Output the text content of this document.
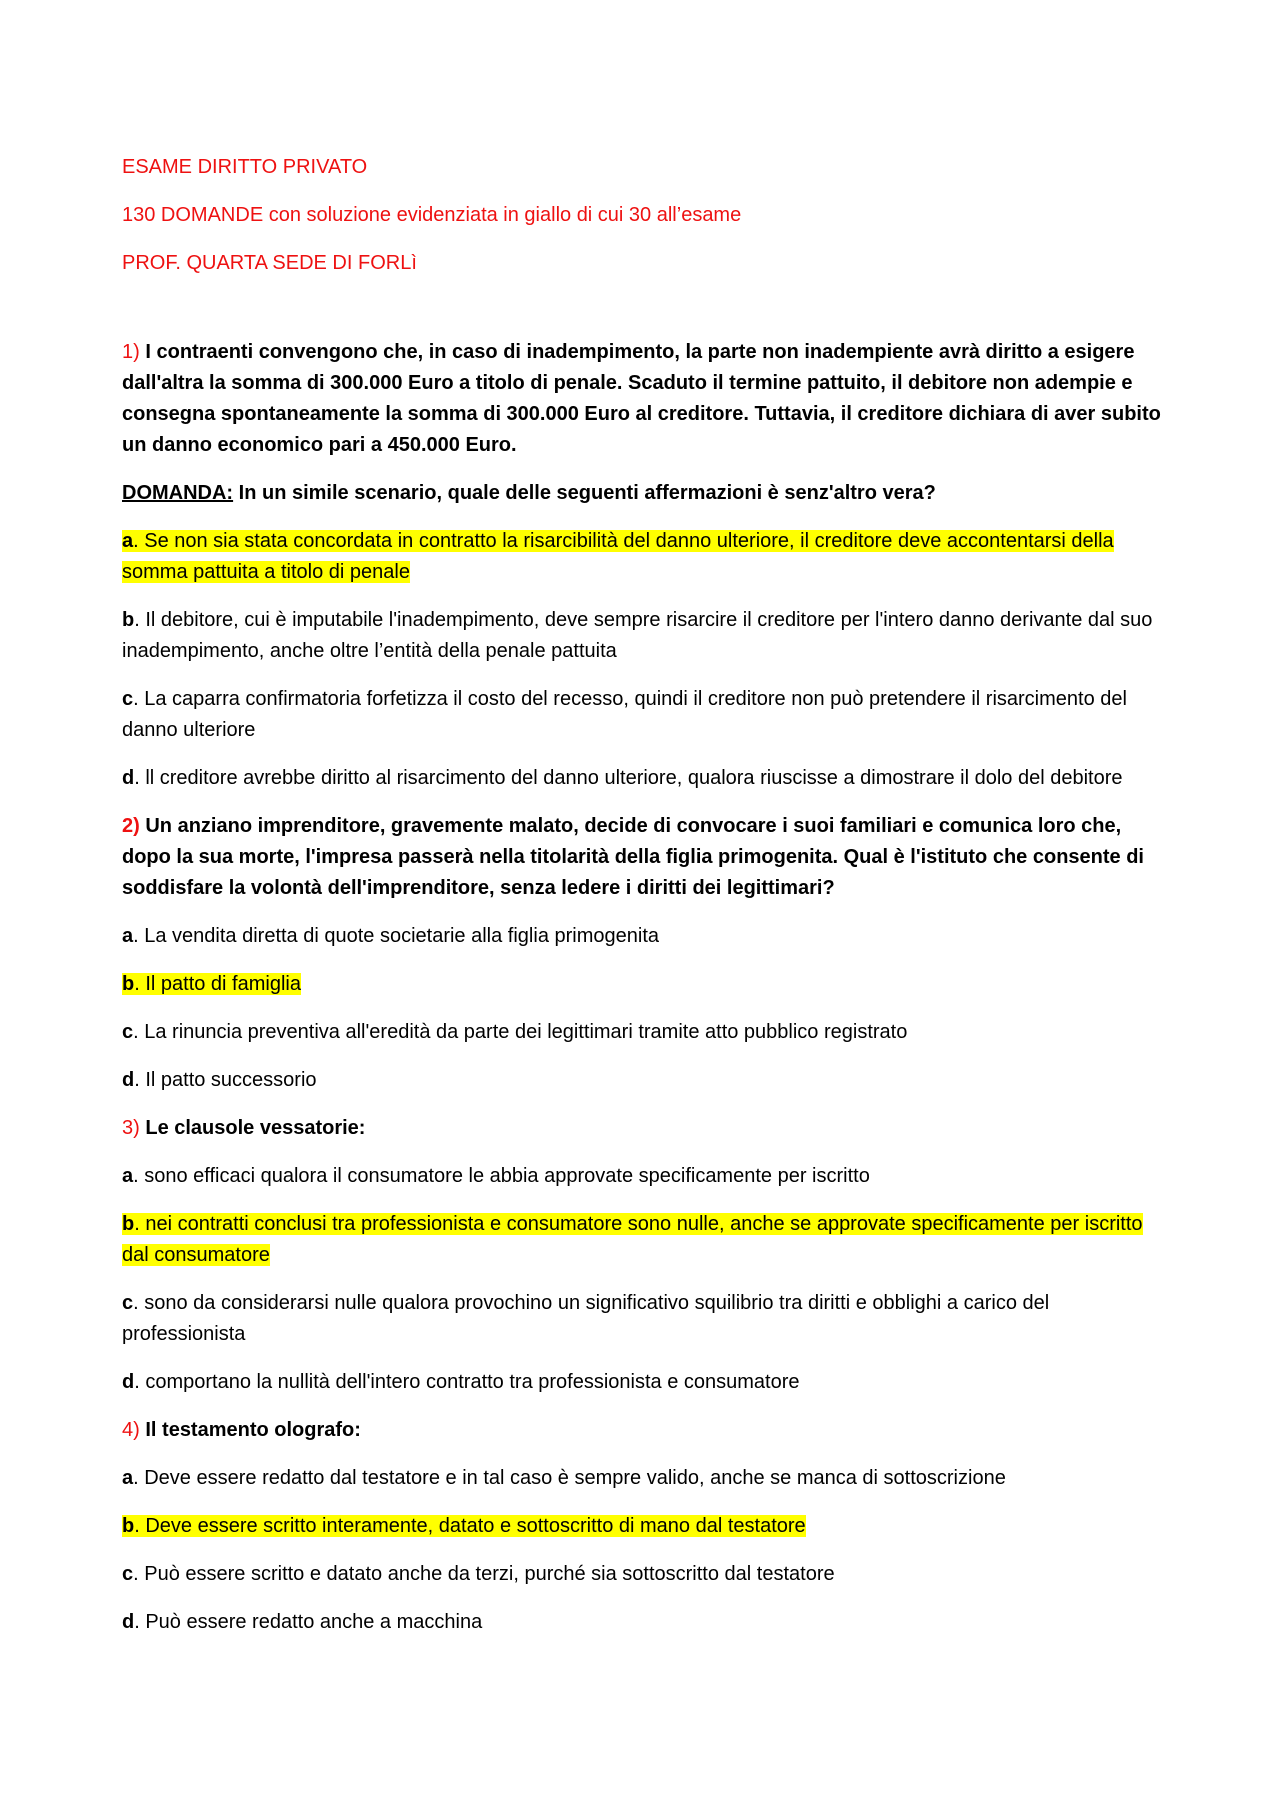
ESAME DIRITTO PRIVATO

130 DOMANDE con soluzione evidenziata in giallo di cui 30 all’esame

PROF. QUARTA SEDE DI FORLì

1) I contraenti convengono che, in caso di inadempimento, la parte non inadempiente avrà diritto a esigere dall'altra la somma di 300.000 Euro a titolo di penale. Scaduto il termine pattuito, il debitore non adempie e consegna spontaneamente la somma di 300.000 Euro al creditore. Tuttavia, il creditore dichiara di aver subito un danno economico pari a 450.000 Euro.

DOMANDA: In un simile scenario, quale delle seguenti affermazioni è senz'altro vera?

a. Se non sia stata concordata in contratto la risarcibilità del danno ulteriore, il creditore deve accontentarsi della somma pattuita a titolo di penale

b. Il debitore, cui è imputabile l'inadempimento, deve sempre risarcire il creditore per l'intero danno derivante dal suo inadempimento, anche oltre l’entità della penale pattuita

c. La caparra confirmatoria forfetizza il costo del recesso, quindi il creditore non può pretendere il risarcimento del danno ulteriore

d. ll creditore avrebbe diritto al risarcimento del danno ulteriore, qualora riuscisse a dimostrare il dolo del debitore

2) Un anziano imprenditore, gravemente malato, decide di convocare i suoi familiari e comunica loro che, dopo la sua morte, l'impresa passerà nella titolarità della figlia primogenita. Qual è l'istituto che consente di soddisfare la volontà dell'imprenditore, senza ledere i diritti dei legittimari?

a. La vendita diretta di quote societarie alla figlia primogenita

b. Il patto di famiglia

c. La rinuncia preventiva all'eredità da parte dei legittimari tramite atto pubblico registrato

d. Il patto successorio

3) Le clausole vessatorie:

a. sono efficaci qualora il consumatore le abbia approvate specificamente per iscritto

b. nei contratti conclusi tra professionista e consumatore sono nulle, anche se approvate specificamente per iscritto dal consumatore

c. sono da considerarsi nulle qualora provochino un significativo squilibrio tra diritti e obblighi a carico del professionista

d. comportano la nullità dell'intero contratto tra professionista e consumatore

4) Il testamento olografo:

a. Deve essere redatto dal testatore e in tal caso è sempre valido, anche se manca di sottoscrizione

b. Deve essere scritto interamente, datato e sottoscritto di mano dal testatore

c. Può essere scritto e datato anche da terzi, purché sia sottoscritto dal testatore

d. Può essere redatto anche a macchina
